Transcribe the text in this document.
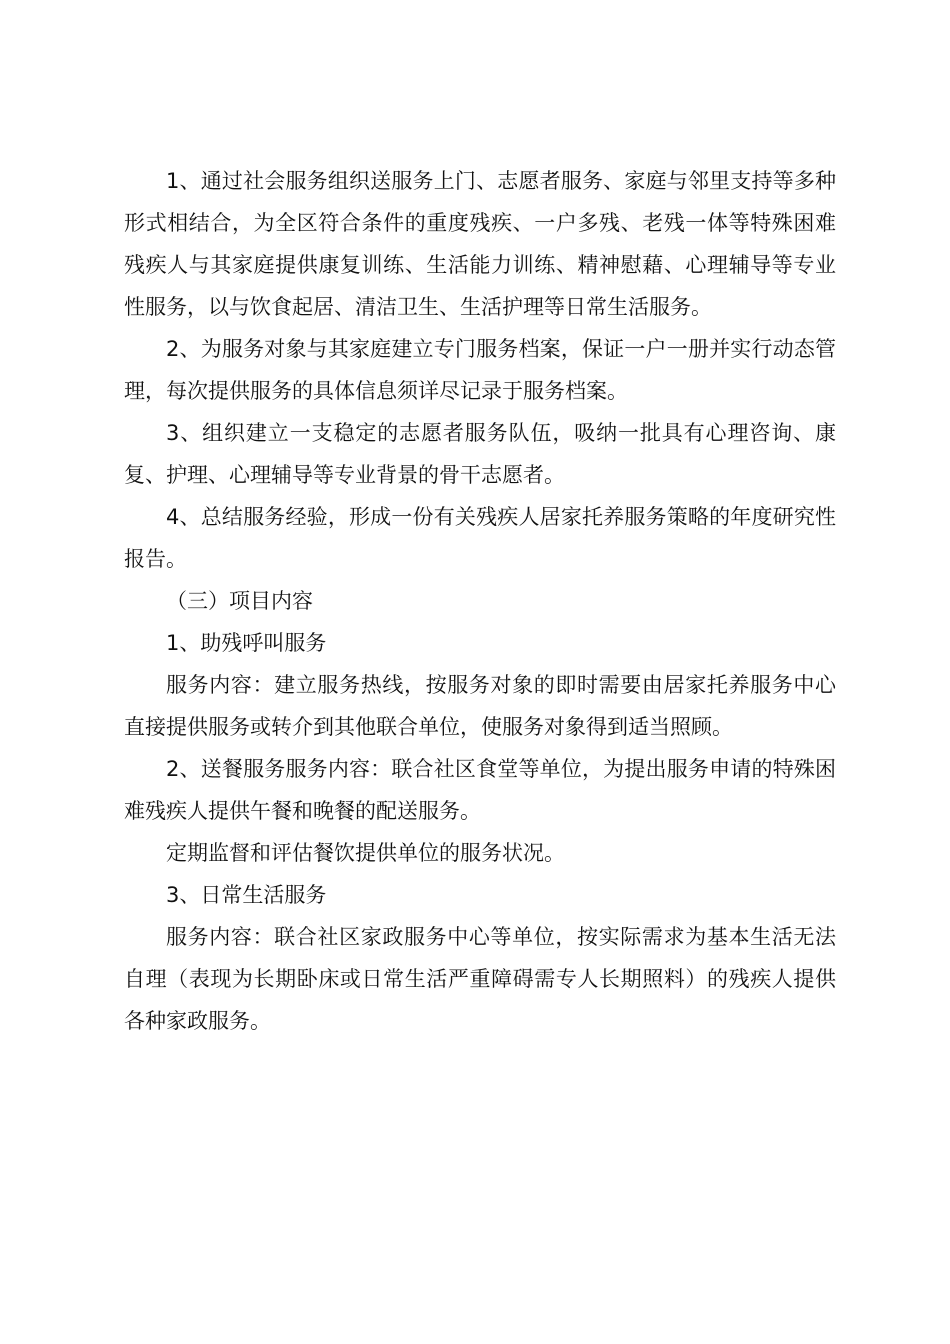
1、通过社会服务组织送服务上门、志愿者服务、家庭与邻里支持等多种形式相结合，为全区符合条件的重度残疾、一户多残、老残一体等特殊困难残疾人与其家庭提供康复训练、生活能力训练、精神慰藉、心理辅导等专业性服务，以与饮食起居、清洁卫生、生活护理等日常生活服务。

2、为服务对象与其家庭建立专门服务档案，保证一户一册并实行动态管理，每次提供服务的具体信息须详尽记录于服务档案。

3、组织建立一支稳定的志愿者服务队伍，吸纳一批具有心理咨询、康复、护理、心理辅导等专业背景的骨干志愿者。

4、总结服务经验，形成一份有关残疾人居家托养服务策略的年度研究性报告。

（三）项目内容

1、助残呼叫服务

服务内容：建立服务热线，按服务对象的即时需要由居家托养服务中心直接提供服务或转介到其他联合单位，使服务对象得到适当照顾。

2、送餐服务服务内容：联合社区食堂等单位，为提出服务申请的特殊困难残疾人提供午餐和晚餐的配送服务。

定期监督和评估餐饮提供单位的服务状况。

3、日常生活服务

服务内容：联合社区家政服务中心等单位，按实际需求为基本生活无法自理（表现为长期卧床或日常生活严重障碍需专人长期照料）的残疾人提供各种家政服务。
